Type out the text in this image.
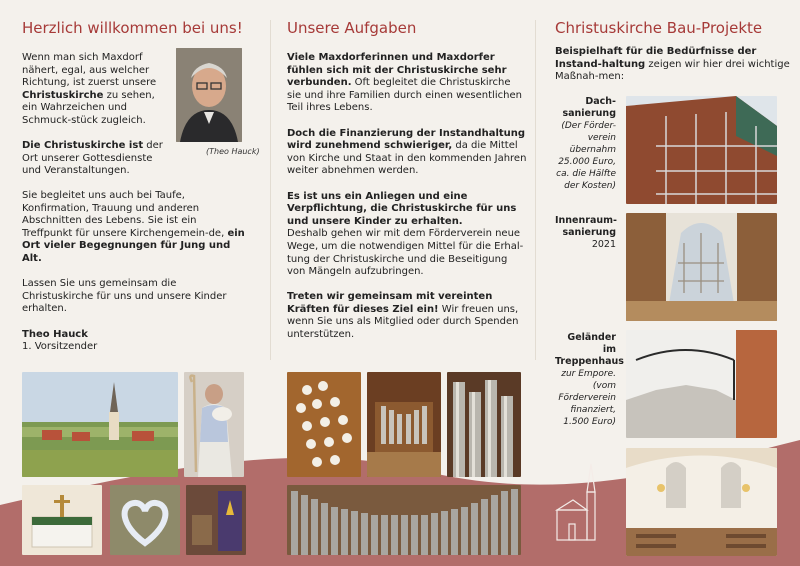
Herzlich willkommen bei uns!

Wenn man sich Maxdorf nähert, egal, aus welcher Richtung, ist zuerst unsere Christuskirche zu sehen, ein Wahrzeichen und Schmuck-stück zugleich.

(Theo Hauck)

Die Christuskirche ist der Ort unserer Gottesdienste und Veranstaltungen.

Sie begleitet uns auch bei Taufe, Konfirmation, Trauung und anderen Abschnitten des Lebens. Sie ist ein Treffpunkt für unsere Kirchengemein-de, ein Ort vieler Begegnungen für Jung und Alt.

Lassen Sie uns gemeinsam die Christuskirche für uns und unsere Kinder erhalten.

Theo Hauck
1. Vorsitzender
Unsere Aufgaben

Viele Maxdorferinnen und Maxdorfer fühlen sich mit der Christuskirche sehr verbunden. Oft begleitet die Christuskirche sie und ihre Familien durch einen wesentlichen Teil ihres Lebens.

Doch die Finanzierung der Instandhaltung wird zunehmend schwieriger, da die Mittel von Kirche und Staat in den kommenden Jahren weiter abnehmen werden.

Es ist uns ein Anliegen und eine Verpflichtung, die Christuskirche für uns und unsere Kinder zu erhalten.
Deshalb gehen wir mit dem Förderverein neue Wege, um die notwendigen Mittel für die Erhal-tung der Christuskirche und die Beseitigung von Mängeln aufzubringen.

Treten wir gemeinsam mit vereinten Kräften für dieses Ziel ein! Wir freuen uns, wenn Sie uns als Mitglied oder durch Spenden unterstützen.

Christuskirche Bau-Projekte

Beispielhaft für die Bedürfnisse der Instand-haltung zeigen wir hier drei wichtige Maßnah-men:

Dach-sanierung
(Der Förder-verein übernahm 25.000 Euro, ca. die Hälfte der Kosten)
Innenraum-sanierung
2021
Geländer im Treppenhaus
zur Empore. (vom Förderverein finanziert, 1.500 Euro)
